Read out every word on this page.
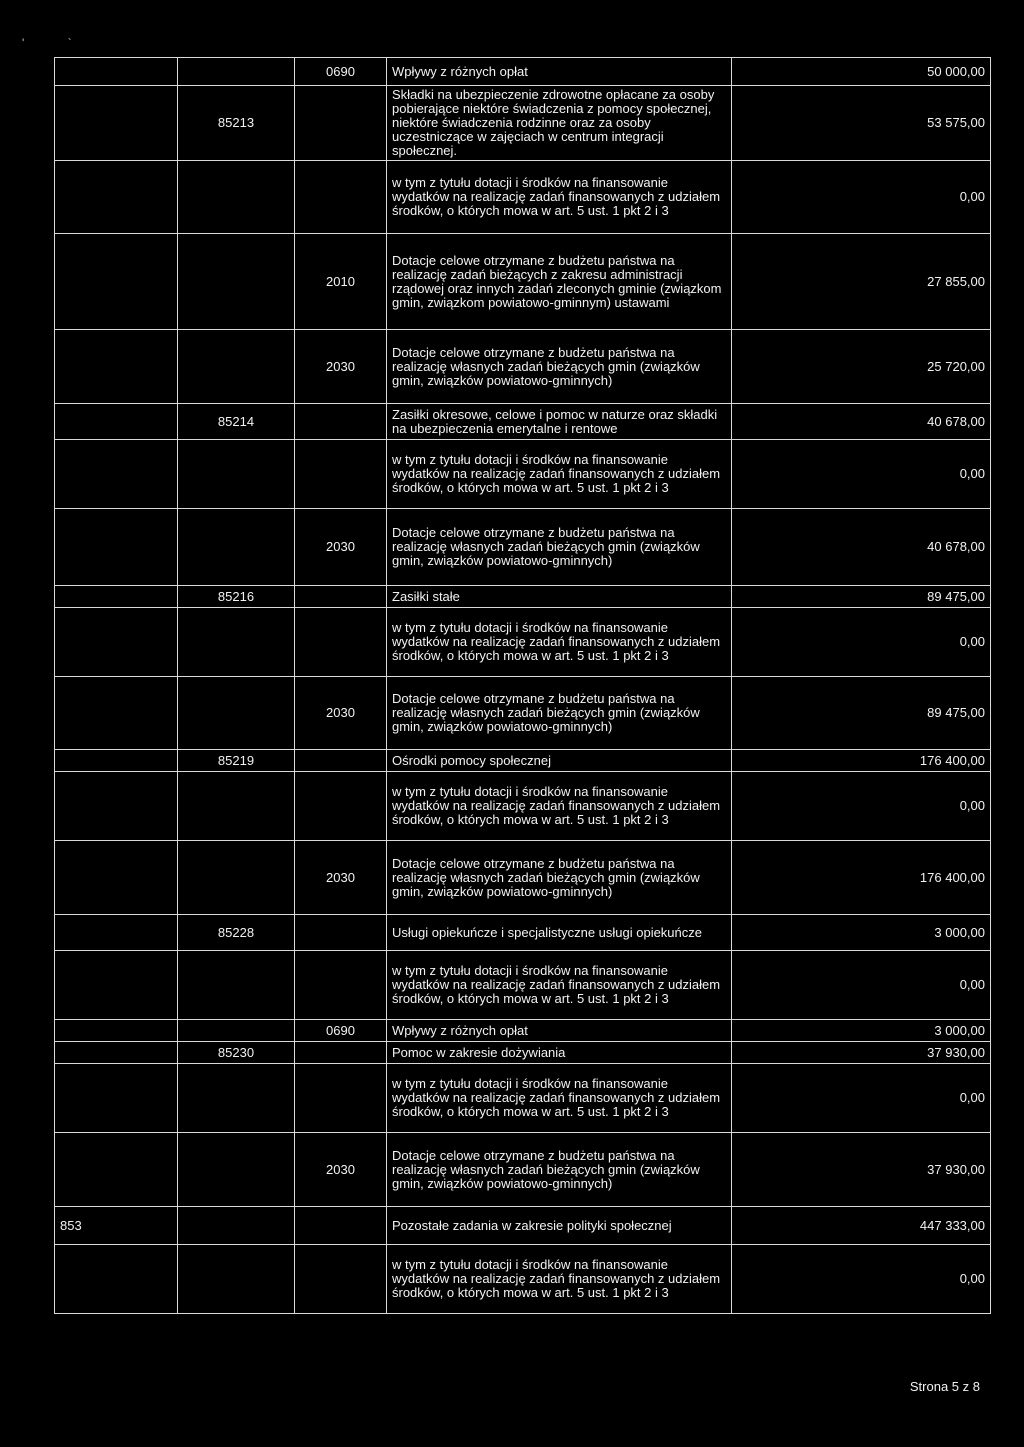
' `
		0690	Wpływy z różnych opłat	50 000,00
	85213		Składki na ubezpieczenie zdrowotne opłacane za osoby pobierające niektóre świadczenia z pomocy społecznej, niektóre świadczenia rodzinne oraz za osoby uczestniczące w zajęciach w centrum integracji społecznej.	53 575,00
			w tym z tytułu dotacji i środków na finansowanie wydatków na realizację zadań finansowanych z udziałem środków, o których mowa w art. 5 ust. 1 pkt 2 i 3	0,00
		2010	Dotacje celowe otrzymane z budżetu państwa na realizację zadań bieżących z zakresu administracji rządowej oraz innych zadań zleconych gminie (związkom gmin, związkom powiatowo-gminnym) ustawami	27 855,00
		2030	Dotacje celowe otrzymane z budżetu państwa na realizację własnych zadań bieżących gmin (związków gmin, związków powiatowo-gminnych)	25 720,00
	85214		Zasiłki okresowe, celowe i pomoc w naturze oraz składki na ubezpieczenia emerytalne i rentowe	40 678,00
			w tym z tytułu dotacji i środków na finansowanie wydatków na realizację zadań finansowanych z udziałem środków, o których mowa w art. 5 ust. 1 pkt 2 i 3	0,00
		2030	Dotacje celowe otrzymane z budżetu państwa na realizację własnych zadań bieżących gmin (związków gmin, związków powiatowo-gminnych)	40 678,00
	85216		Zasiłki stałe	89 475,00
			w tym z tytułu dotacji i środków na finansowanie wydatków na realizację zadań finansowanych z udziałem środków, o których mowa w art. 5 ust. 1 pkt 2 i 3	0,00
		2030	Dotacje celowe otrzymane z budżetu państwa na realizację własnych zadań bieżących gmin (związków gmin, związków powiatowo-gminnych)	89 475,00
	85219		Ośrodki pomocy społecznej	176 400,00
			w tym z tytułu dotacji i środków na finansowanie wydatków na realizację zadań finansowanych z udziałem środków, o których mowa w art. 5 ust. 1 pkt 2 i 3	0,00
		2030	Dotacje celowe otrzymane z budżetu państwa na realizację własnych zadań bieżących gmin (związków gmin, związków powiatowo-gminnych)	176 400,00
	85228		Usługi opiekuńcze i specjalistyczne usługi opiekuńcze	3 000,00
			w tym z tytułu dotacji i środków na finansowanie wydatków na realizację zadań finansowanych z udziałem środków, o których mowa w art. 5 ust. 1 pkt 2 i 3	0,00
		0690	Wpływy z różnych opłat	3 000,00
	85230		Pomoc w zakresie dożywiania	37 930,00
			w tym z tytułu dotacji i środków na finansowanie wydatków na realizację zadań finansowanych z udziałem środków, o których mowa w art. 5 ust. 1 pkt 2 i 3	0,00
		2030	Dotacje celowe otrzymane z budżetu państwa na realizację własnych zadań bieżących gmin (związków gmin, związków powiatowo-gminnych)	37 930,00
853			Pozostałe zadania w zakresie polityki społecznej	447 333,00
			w tym z tytułu dotacji i środków na finansowanie wydatków na realizację zadań finansowanych z udziałem środków, o których mowa w art. 5 ust. 1 pkt 2 i 3	0,00
Strona 5 z 8
